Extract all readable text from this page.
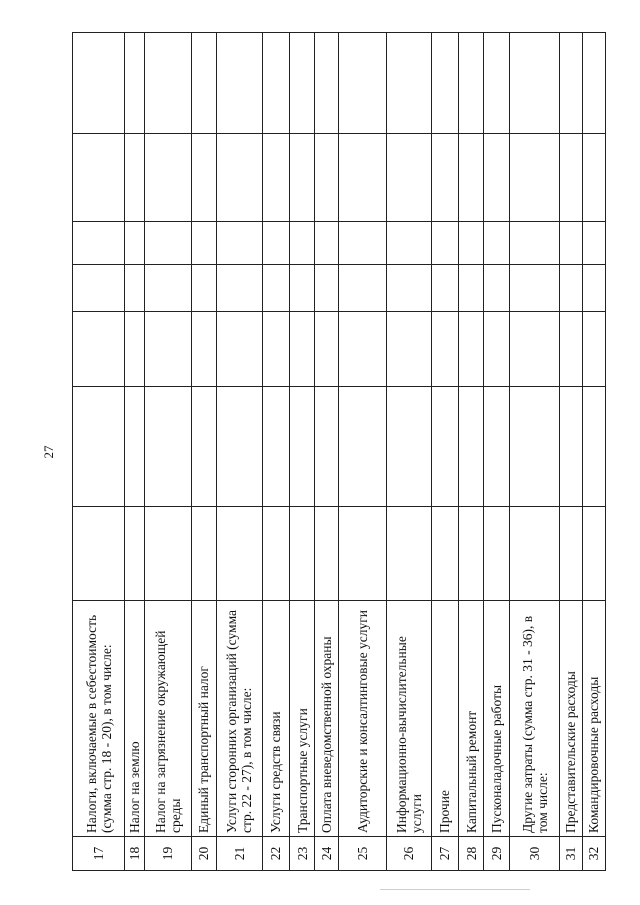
27
17	Налоги, включаемые в себестоимость (сумма стр. 18 - 20), в том числе:							
18	Налог на землю							
19	Налог на загрязнение окружающей среды							
20	Единый транспортный налог							
21	Услуги сторонних организаций (сумма стр. 22 - 27), в том числе:							
22	Услуги средств связи							
23	Транспортные услуги							
24	Оплата вневедомственной охраны							
25	Аудиторские и консалтинговые услуги							
26	Информационно-вычислительные услуги							
27	Прочие							
28	Капитальный ремонт							
29	Пусконаладочные работы							
30	Другие затраты (сумма стр. 31 - 36), в том числе:							
31	Представительские расходы							
32	Командировочные расходы							
